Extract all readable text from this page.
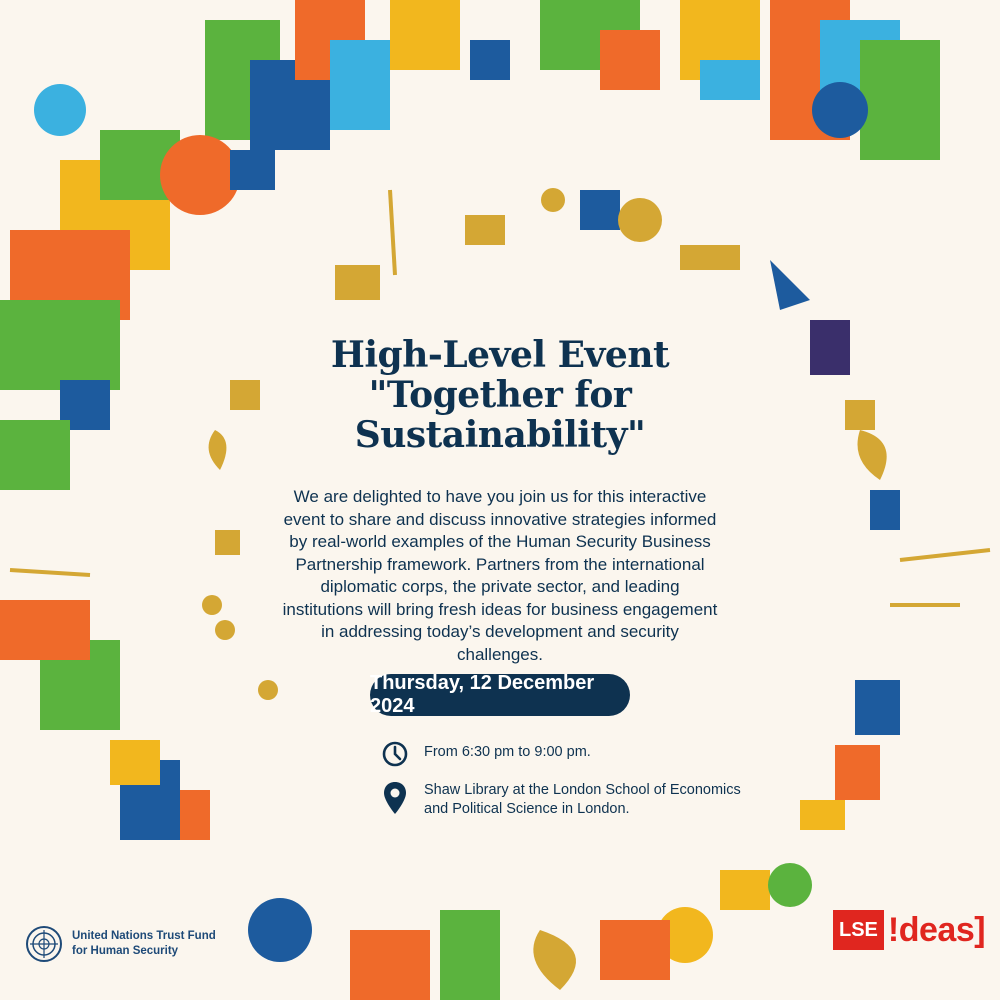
High-Level Event
"Together for
Sustainability"
We are delighted to have you join us for this interactive event to share and discuss innovative strategies informed by real-world examples of the Human Security Business Partnership framework. Partners from the international diplomatic corps, the private sector, and leading institutions will bring fresh ideas for business engagement in addressing today’s development and security challenges.
Thursday, 12 December 2024
From 6:30 pm to 9:00 pm.
Shaw Library at the London School of Economics and Political Science in London.
United Nations Trust Fund
for Human Security
LSE !deas]
